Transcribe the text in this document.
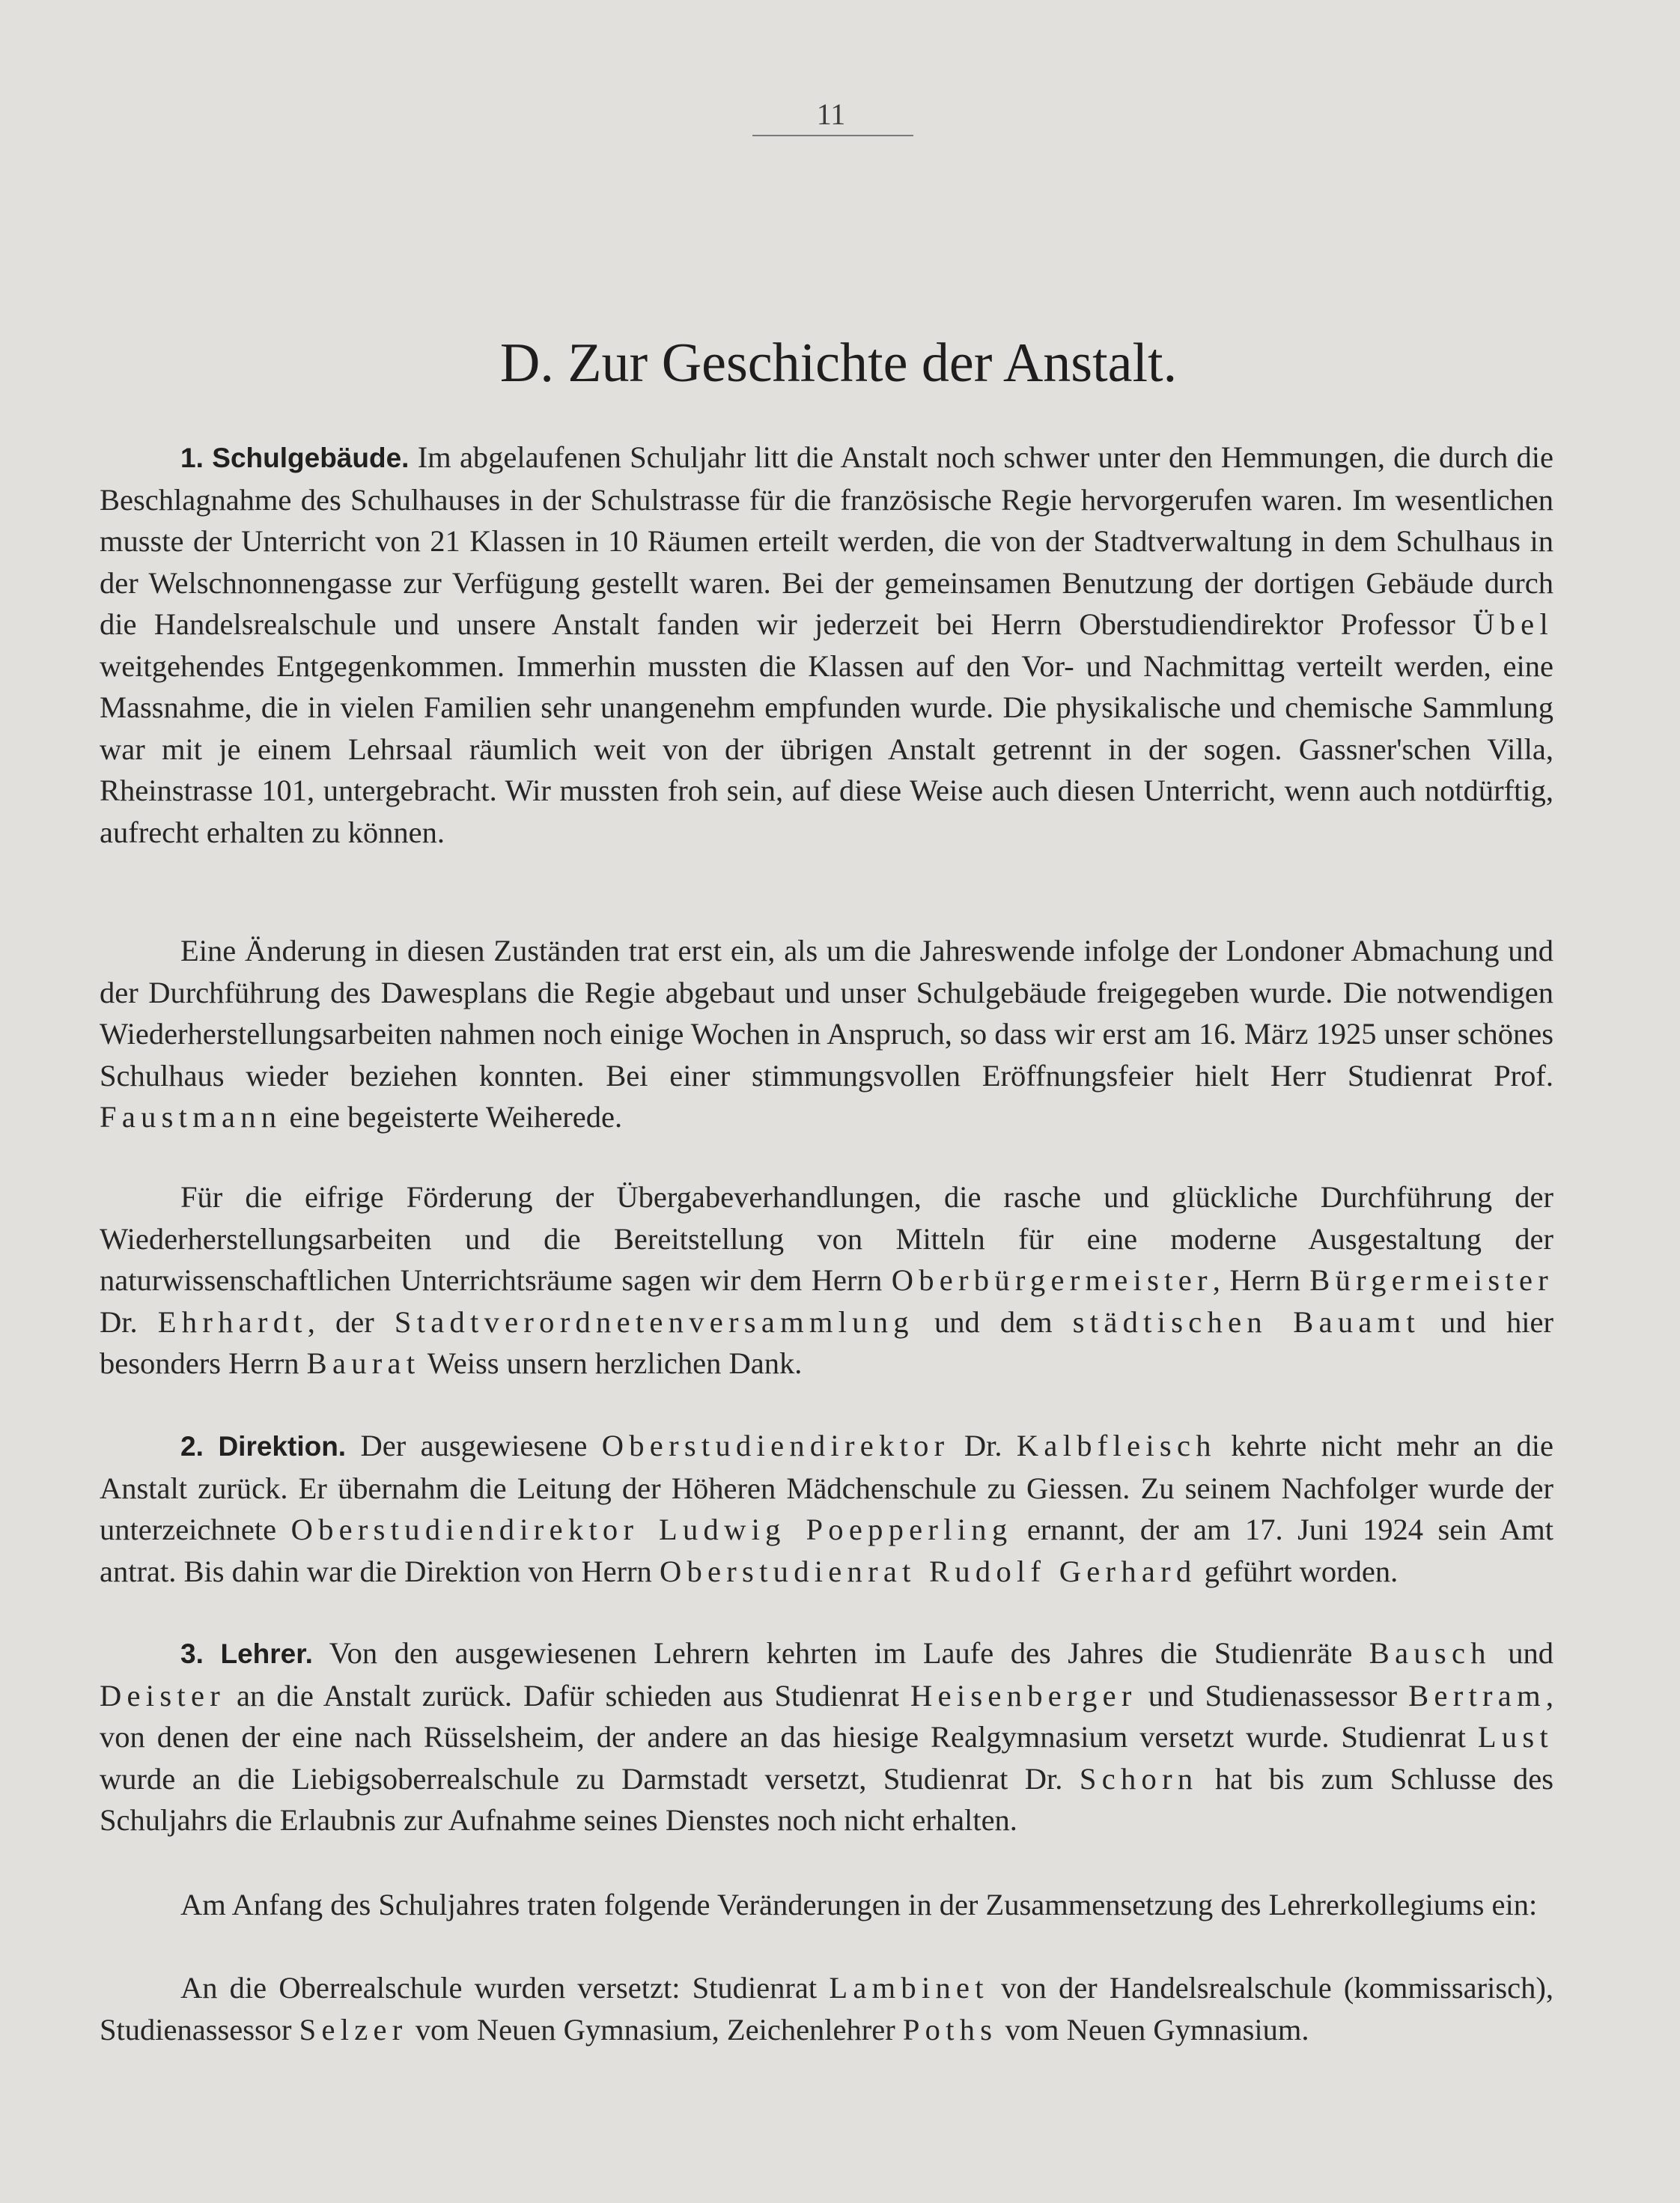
11
D. Zur Geschichte der Anstalt.

1. Schulgebäude. Im abgelaufenen Schuljahr litt die Anstalt noch schwer unter den Hemmungen, die durch die Beschlagnahme des Schulhauses in der Schulstrasse für die französische Regie hervorgerufen waren. Im wesentlichen musste der Unterricht von 21 Klassen in 10 Räumen erteilt werden, die von der Stadtverwaltung in dem Schulhaus in der Welschnonnengasse zur Verfügung gestellt waren. Bei der gemeinsamen Benutzung der dortigen Gebäude durch die Handelsrealschule und unsere Anstalt fanden wir jederzeit bei Herrn Oberstudiendirektor Professor Übel weitgehendes Entgegenkommen. Immerhin mussten die Klassen auf den Vor- und Nachmittag verteilt werden, eine Massnahme, die in vielen Familien sehr unangenehm empfunden wurde. Die physikalische und chemische Sammlung war mit je einem Lehrsaal räumlich weit von der übrigen Anstalt getrennt in der sogen. Gassner'schen Villa, Rheinstrasse 101, untergebracht. Wir mussten froh sein, auf diese Weise auch diesen Unterricht, wenn auch notdürftig, aufrecht erhalten zu können.

Eine Änderung in diesen Zuständen trat erst ein, als um die Jahreswende infolge der Londoner Abmachung und der Durchführung des Dawesplans die Regie abgebaut und unser Schulgebäude freigegeben wurde. Die notwendigen Wiederherstellungsarbeiten nahmen noch einige Wochen in Anspruch, so dass wir erst am 16. März 1925 unser schönes Schulhaus wieder beziehen konnten. Bei einer stimmungsvollen Eröffnungsfeier hielt Herr Studienrat Prof. Faustmann eine begeisterte Weiherede.

Für die eifrige Förderung der Übergabeverhandlungen, die rasche und glückliche Durchführung der Wiederherstellungsarbeiten und die Bereitstellung von Mitteln für eine moderne Ausgestaltung der naturwissenschaftlichen Unterrichtsräume sagen wir dem Herrn Oberbürgermeister, Herrn Bürgermeister Dr. Ehrhardt, der Stadtverordnetenversammlung und dem städtischen Bauamt und hier besonders Herrn Baurat Weiss unsern herzlichen Dank.

2. Direktion. Der ausgewiesene Oberstudiendirektor Dr. Kalbfleisch kehrte nicht mehr an die Anstalt zurück. Er übernahm die Leitung der Höheren Mädchenschule zu Giessen. Zu seinem Nachfolger wurde der unterzeichnete Oberstudiendirektor Ludwig Poepperling ernannt, der am 17. Juni 1924 sein Amt antrat. Bis dahin war die Direktion von Herrn Oberstudienrat Rudolf Gerhard geführt worden.

3. Lehrer. Von den ausgewiesenen Lehrern kehrten im Laufe des Jahres die Studienräte Bausch und Deister an die Anstalt zurück. Dafür schieden aus Studienrat Heisenberger und Studienassessor Bertram, von denen der eine nach Rüsselsheim, der andere an das hiesige Realgymnasium versetzt wurde. Studienrat Lust wurde an die Liebigsoberrealschule zu Darmstadt versetzt, Studienrat Dr. Schorn hat bis zum Schlusse des Schuljahrs die Erlaubnis zur Aufnahme seines Dienstes noch nicht erhalten.

Am Anfang des Schuljahres traten folgende Veränderungen in der Zusammensetzung des Lehrerkollegiums ein:

An die Oberrealschule wurden versetzt: Studienrat Lambinet von der Handelsrealschule (kommissarisch), Studienassessor Selzer vom Neuen Gymnasium, Zeichenlehrer Poths vom Neuen Gymnasium.
